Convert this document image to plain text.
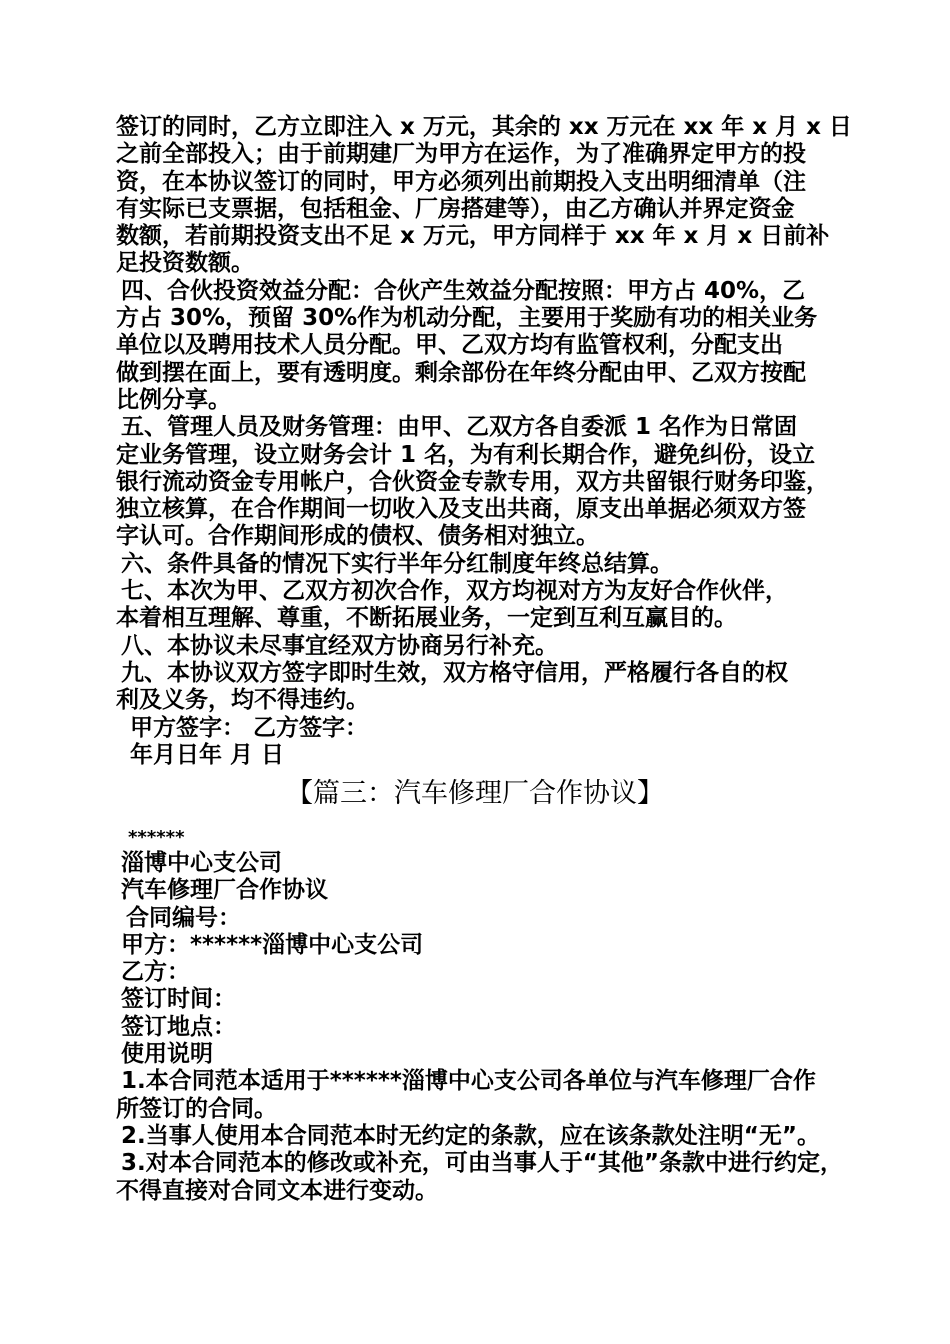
签订的同时，乙方立即注入 x 万元，其余的 xx 万元在 xx 年 x 月 x 日
之前全部投入；由于前期建厂为甲方在运作，为了准确界定甲方的投
资，在本协议签订的同时，甲方必须列出前期投入支出明细清单（注
有实际已支票据，包括租金、厂房搭建等），由乙方确认并界定资金
数额，若前期投资支出不足 x 万元，甲方同样于 xx 年 x 月 x 日前补
足投资数额。
四、合伙投资效益分配：合伙产生效益分配按照：甲方占 40%，乙
方占 30%，预留 30%作为机动分配，主要用于奖励有功的相关业务
单位以及聘用技术人员分配。甲、乙双方均有监管权利，分配支出
做到摆在面上，要有透明度。剩余部份在年终分配由甲、乙双方按配
比例分享。
五、管理人员及财务管理：由甲、乙双方各自委派 1 名作为日常固
定业务管理，设立财务会计 1 名，为有利长期合作，避免纠份，设立
银行流动资金专用帐户，合伙资金专款专用，双方共留银行财务印鉴，
独立核算，在合作期间一切收入及支出共商，原支出单据必须双方签
字认可。合作期间形成的债权、债务相对独立。
六、条件具备的情况下实行半年分红制度年终总结算。
七、本次为甲、乙双方初次合作，双方均视对方为友好合作伙伴，
本着相互理解、尊重，不断拓展业务，一定到互利互赢目的。
八、本协议未尽事宜经双方协商另行补充。
九、本协议双方签字即时生效，双方格守信用，严格履行各自的权
利及义务，均不得违约。
甲方签字： 乙方签字：
年月日年 月 日
【篇三：汽车修理厂合作协议】
******
淄博中心支公司
汽车修理厂合作协议
合同编号：
甲方：******淄博中心支公司
乙方：
签订时间：
签订地点：
使用说明
1.本合同范本适用于******淄博中心支公司各单位与汽车修理厂合作
所签订的合同。
2.当事人使用本合同范本时无约定的条款，应在该条款处注明“无”。
3.对本合同范本的修改或补充，可由当事人于“其他”条款中进行约定，
不得直接对合同文本进行变动。
